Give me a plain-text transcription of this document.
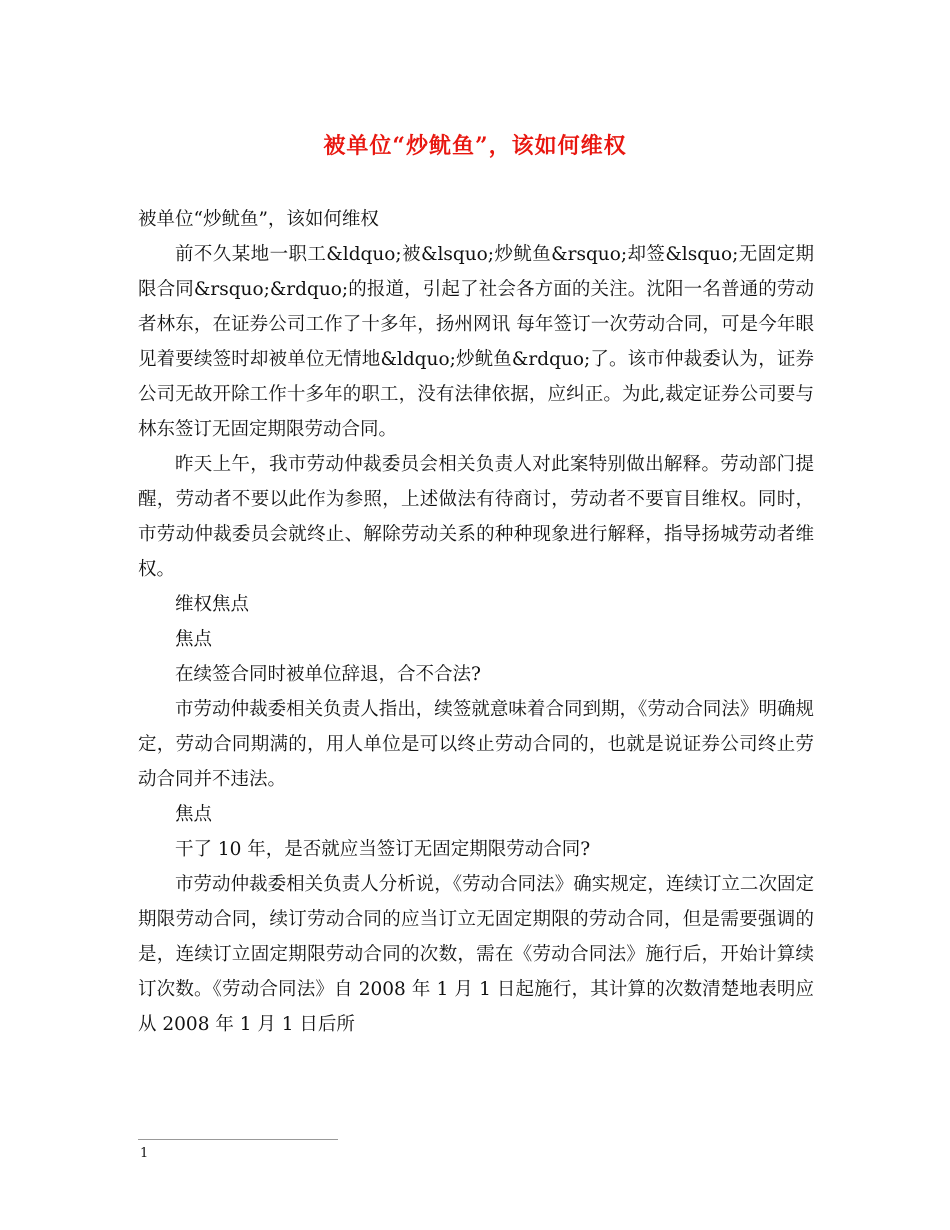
被单位“炒鱿鱼”，该如何维权

被单位“炒鱿鱼”，该如何维权

前不久某地一职工&ldquo;被&lsquo;炒鱿鱼&rsquo;却签&lsquo;无固定期限合同&rsquo;&rdquo;的报道，引起了社会各方面的关注。沈阳一名普通的劳动者林东，在证券公司工作了十多年，扬州网讯 每年签订一次劳动合同，可是今年眼见着要续签时却被单位无情地&ldquo;炒鱿鱼&rdquo;了。该市仲裁委认为，证券公司无故开除工作十多年的职工，没有法律依据，应纠正。为此,裁定证券公司要与林东签订无固定期限劳动合同。

昨天上午，我市劳动仲裁委员会相关负责人对此案特别做出解释。劳动部门提醒，劳动者不要以此作为参照，上述做法有待商讨，劳动者不要盲目维权。同时，市劳动仲裁委员会就终止、解除劳动关系的种种现象进行解释，指导扬城劳动者维权。

维权焦点

焦点

在续签合同时被单位辞退，合不合法?

市劳动仲裁委相关负责人指出，续签就意味着合同到期，《劳动合同法》明确规定，劳动合同期满的，用人单位是可以终止劳动合同的，也就是说证券公司终止劳动合同并不违法。

焦点

干了 10 年，是否就应当签订无固定期限劳动合同?

市劳动仲裁委相关负责人分析说，《劳动合同法》确实规定，连续订立二次固定期限劳动合同，续订劳动合同的应当订立无固定期限的劳动合同，但是需要强调的是，连续订立固定期限劳动合同的次数，需在《劳动合同法》施行后，开始计算续订次数。《劳动合同法》自 2008 年 1 月 1 日起施行，其计算的次数清楚地表明应从 2008 年 1 月 1 日后所

1
